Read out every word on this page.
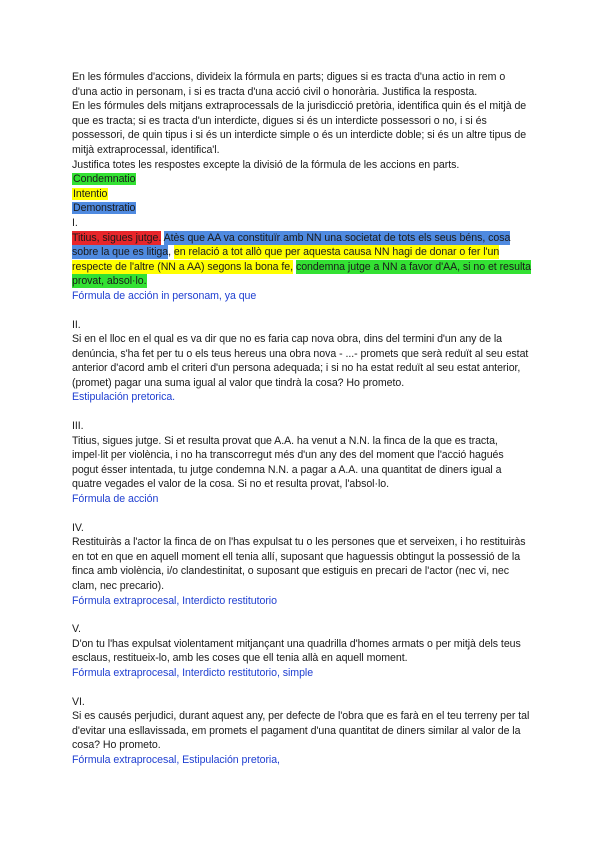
En les fórmules d'accions, divideix la fórmula en parts; digues si es tracta d'una actio in rem o d'una actio in personam, i si es tracta d'una acció civil o honorària. Justifica la resposta.

En les fórmules dels mitjans extraprocessals de la jurisdicció pretòria, identifica quin és el mitjà de que es tracta; si es tracta d'un interdicte, digues si és un interdicte possessori o no, i si és possessori, de quin tipus i si és un interdicte simple o és un interdicte doble; si és un altre tipus de mitjà extraprocessal, identifica'l.

Justifica totes les respostes excepte la divisió de la fórmula de les accions en parts.

Condemnatio
Intentio
Demonstratio
I.

Titius, sigues jutge. Atès que AA va constituïr amb NN una societat de tots els seus béns, cosa sobre la que es litiga, en relació a tot allò que per aquesta causa NN hagi de donar o fer l'un respecte de l'altre (NN a AA) segons la bona fe, condemna jutge a NN a favor d'AA, si no et resulta provat, absol·lo.

Fórmula de acción in personam, ya que

II.

Si en el lloc en el qual es va dir que no es faria cap nova obra, dins del termini d'un any de la denúncia, s'ha fet per tu o els teus hereus una obra nova - ...- promets que serà reduït al seu estat anterior d'acord amb el criteri d'un persona adequada; i si no ha estat reduït al seu estat anterior, (promet) pagar una suma igual al valor que tindrà la cosa? Ho prometo.

Estipulación pretorica.

III.

Titius, sigues jutge. Si et resulta provat que A.A. ha venut a N.N. la finca de la que es tracta, impel·lit per violència, i no ha transcorregut més d'un any des del moment que l'acció hagués pogut ésser intentada, tu jutge condemna N.N. a pagar a A.A. una quantitat de diners igual a quatre vegades el valor de la cosa. Si no et resulta provat, l'absol·lo.

Fórmula de acción

IV.

Restituiràs a l'actor la finca de on l'has expulsat tu o les persones que et serveixen, i ho restituiràs en tot en que en aquell moment ell tenia allí, suposant que haguessis obtingut la possessió de la finca amb violència, i/o clandestinitat, o suposant que estiguis en precari de l'actor (nec vi, nec clam, nec precario).

Fórmula extraprocesal, Interdicto restitutorio

V.

D'on tu l'has expulsat violentament mitjançant una quadrilla d'homes armats o per mitjà dels teus esclaus, restitueix-lo, amb les coses que ell tenia allà en aquell moment.

Fórmula extraprocesal, Interdicto restitutorio, simple

VI.

Si es causés perjudici, durant aquest any, per defecte de l'obra que es farà en el teu terreny per tal d'evitar una esllavissada, em promets el pagament d'una quantitat de diners similar al valor de la cosa? Ho prometo.

Fórmula extraprocesal, Estipulación pretoria,
